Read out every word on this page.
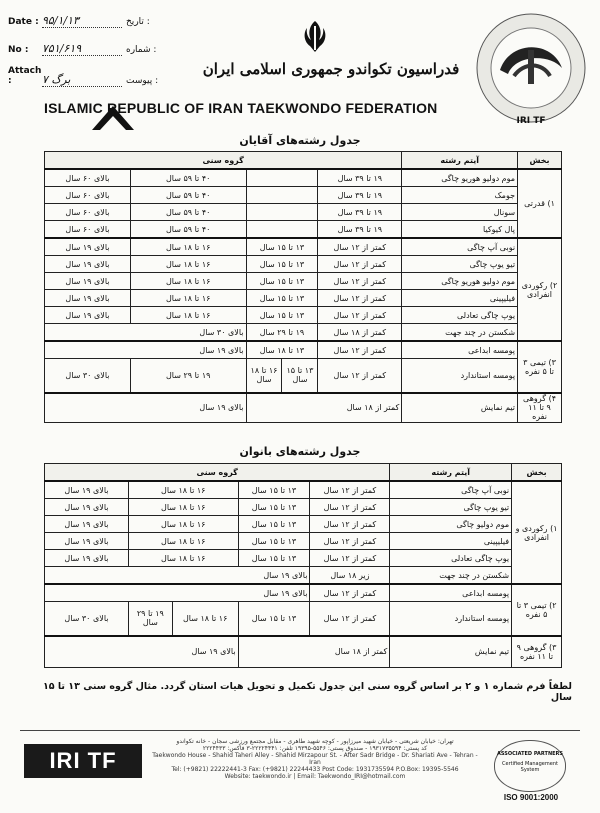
Date : ۹۵/۱/۱۳	تاریخ :
No : ۷۵۱/۶۱۹	شماره :
Attach :	۷ برگ	پیوست :
فدراسیون تکواندو جمهوری اسلامی ایران
ISLAMIC REPUBLIC OF IRAN TAEKWONDO FEDERATION
IRI TF
جدول رشته‌های آقایان
بخش	آیتم رشته	گروه سنی				
۱) قدرتی	موم دولیو هوریو چاگی	۱۹ تا ۳۹ سال			۴۰ تا ۵۹ سال	بالای ۶۰ سال
	جومک	۱۹ تا ۳۹ سال			۴۰ تا ۵۹ سال	بالای ۶۰ سال
	سونال	۱۹ تا ۳۹ سال			۴۰ تا ۵۹ سال	بالای ۶۰ سال
	پال کیوکیا	۱۹ تا ۳۹ سال			۴۰ تا ۵۹ سال	بالای ۶۰ سال
۲) رکوردی انفرادی	نوبی آپ چاگی	کمتر از ۱۲ سال	۱۳ تا ۱۵ سال		۱۶ تا ۱۸ سال	بالای ۱۹ سال
	تیو یوپ چاگی	کمتر از ۱۲ سال	۱۳ تا ۱۵ سال		۱۶ تا ۱۸ سال	بالای ۱۹ سال
	موم دولیو هوریو چاگی	کمتر از ۱۲ سال	۱۳ تا ۱۵ سال		۱۶ تا ۱۸ سال	بالای ۱۹ سال
	فیلیپینی	کمتر از ۱۲ سال	۱۳ تا ۱۵ سال		۱۶ تا ۱۸ سال	بالای ۱۹ سال
	یوپ چاگی تعادلی	کمتر از ۱۲ سال	۱۳ تا ۱۵ سال		۱۶ تا ۱۸ سال	بالای ۱۹ سال
	شکستن در چند جهت	کمتر از ۱۸ سال	۱۹ تا ۲۹ سال		بالای ۳۰ سال	
۳) تیمی ۳ تا ۵ نفره	پومسه ابداعی	کمتر از ۱۲ سال	۱۳ تا ۱۸ سال		بالای ۱۹ سال	
	پومسه استاندارد	کمتر از ۱۲ سال	۱۳ تا ۱۵ سال	۱۶ تا ۱۸ سال	۱۹ تا ۲۹ سال	بالای ۳۰ سال
۴) گروهی ۹ تا ۱۱ نفره	تیم نمایش	کمتر از ۱۸ سال			بالای ۱۹ سال	
جدول رشته‌های بانوان
بخش	آیتم رشته	گروه سنی				
۱) رکوردی و انفرادی	نوبی آپ چاگی	کمتر از ۱۲ سال	۱۳ تا ۱۵ سال	۱۶ تا ۱۸ سال		بالای ۱۹ سال
	تیو یوپ چاگی	کمتر از ۱۲ سال	۱۳ تا ۱۵ سال	۱۶ تا ۱۸ سال		بالای ۱۹ سال
	موم دولیو چاگی	کمتر از ۱۲ سال	۱۳ تا ۱۵ سال	۱۶ تا ۱۸ سال		بالای ۱۹ سال
	فیلیپینی	کمتر از ۱۲ سال	۱۳ تا ۱۵ سال	۱۶ تا ۱۸ سال		بالای ۱۹ سال
	یوپ چاگی تعادلی	کمتر از ۱۲ سال	۱۳ تا ۱۵ سال	۱۶ تا ۱۸ سال		بالای ۱۹ سال
	شکستن در چند جهت	زیر ۱۸ سال	بالای ۱۹ سال			
۲) تیمی ۳ تا ۵ نفره	پومسه ابداعی	کمتر از ۱۲ سال	بالای ۱۹ سال			
	پومسه استاندارد	کمتر از ۱۲ سال	۱۳ تا ۱۵ سال	۱۶ تا ۱۸ سال	۱۹ تا ۲۹ سال	بالای ۳۰ سال
۳) گروهی ۹ تا ۱۱ نفره	تیم نمایش	کمتر از ۱۸ سال		بالای ۱۹ سال		
لطفاً فرم شماره ۱ و ۲ بر اساس گروه سنی این جدول تکمیل و تحویل هیات استان گردد. مثال گروه سنی ۱۳ تا ۱۵ سال
IRI TF
تهران: خیابان شریعتی - خیابان شهید میرزاپور - کوچه شهید طاهری - مقابل مجتمع ورزشی سجان - خانه تکواندو
کد پستی: ۱۹۳۱۷۳۵۵۹۴ - صندوق پستی: ۵۵۴۶-۱۹۳۹۵ تلفن: ۲۲۲۲۴۴۴۱-۳ فاکس: ۲۲۲۴۴۳۳
Taekwondo House - Shahid Taheri Alley - Shahid Mirzapour St. - After Sadr Bridge - Dr. Shariati Ave - Tehran - Iran
Tel: (+9821) 22222441-3 Fax: (+9821) 22244433 Post Code: 1931735594 P.O.Box: 19395-5546
Website: taekwondo.ir | Email: Taekwondo_IRI@hotmail.com
ASSOCIATED PARTNERS
Certified Management System
ISO 9001:2000
